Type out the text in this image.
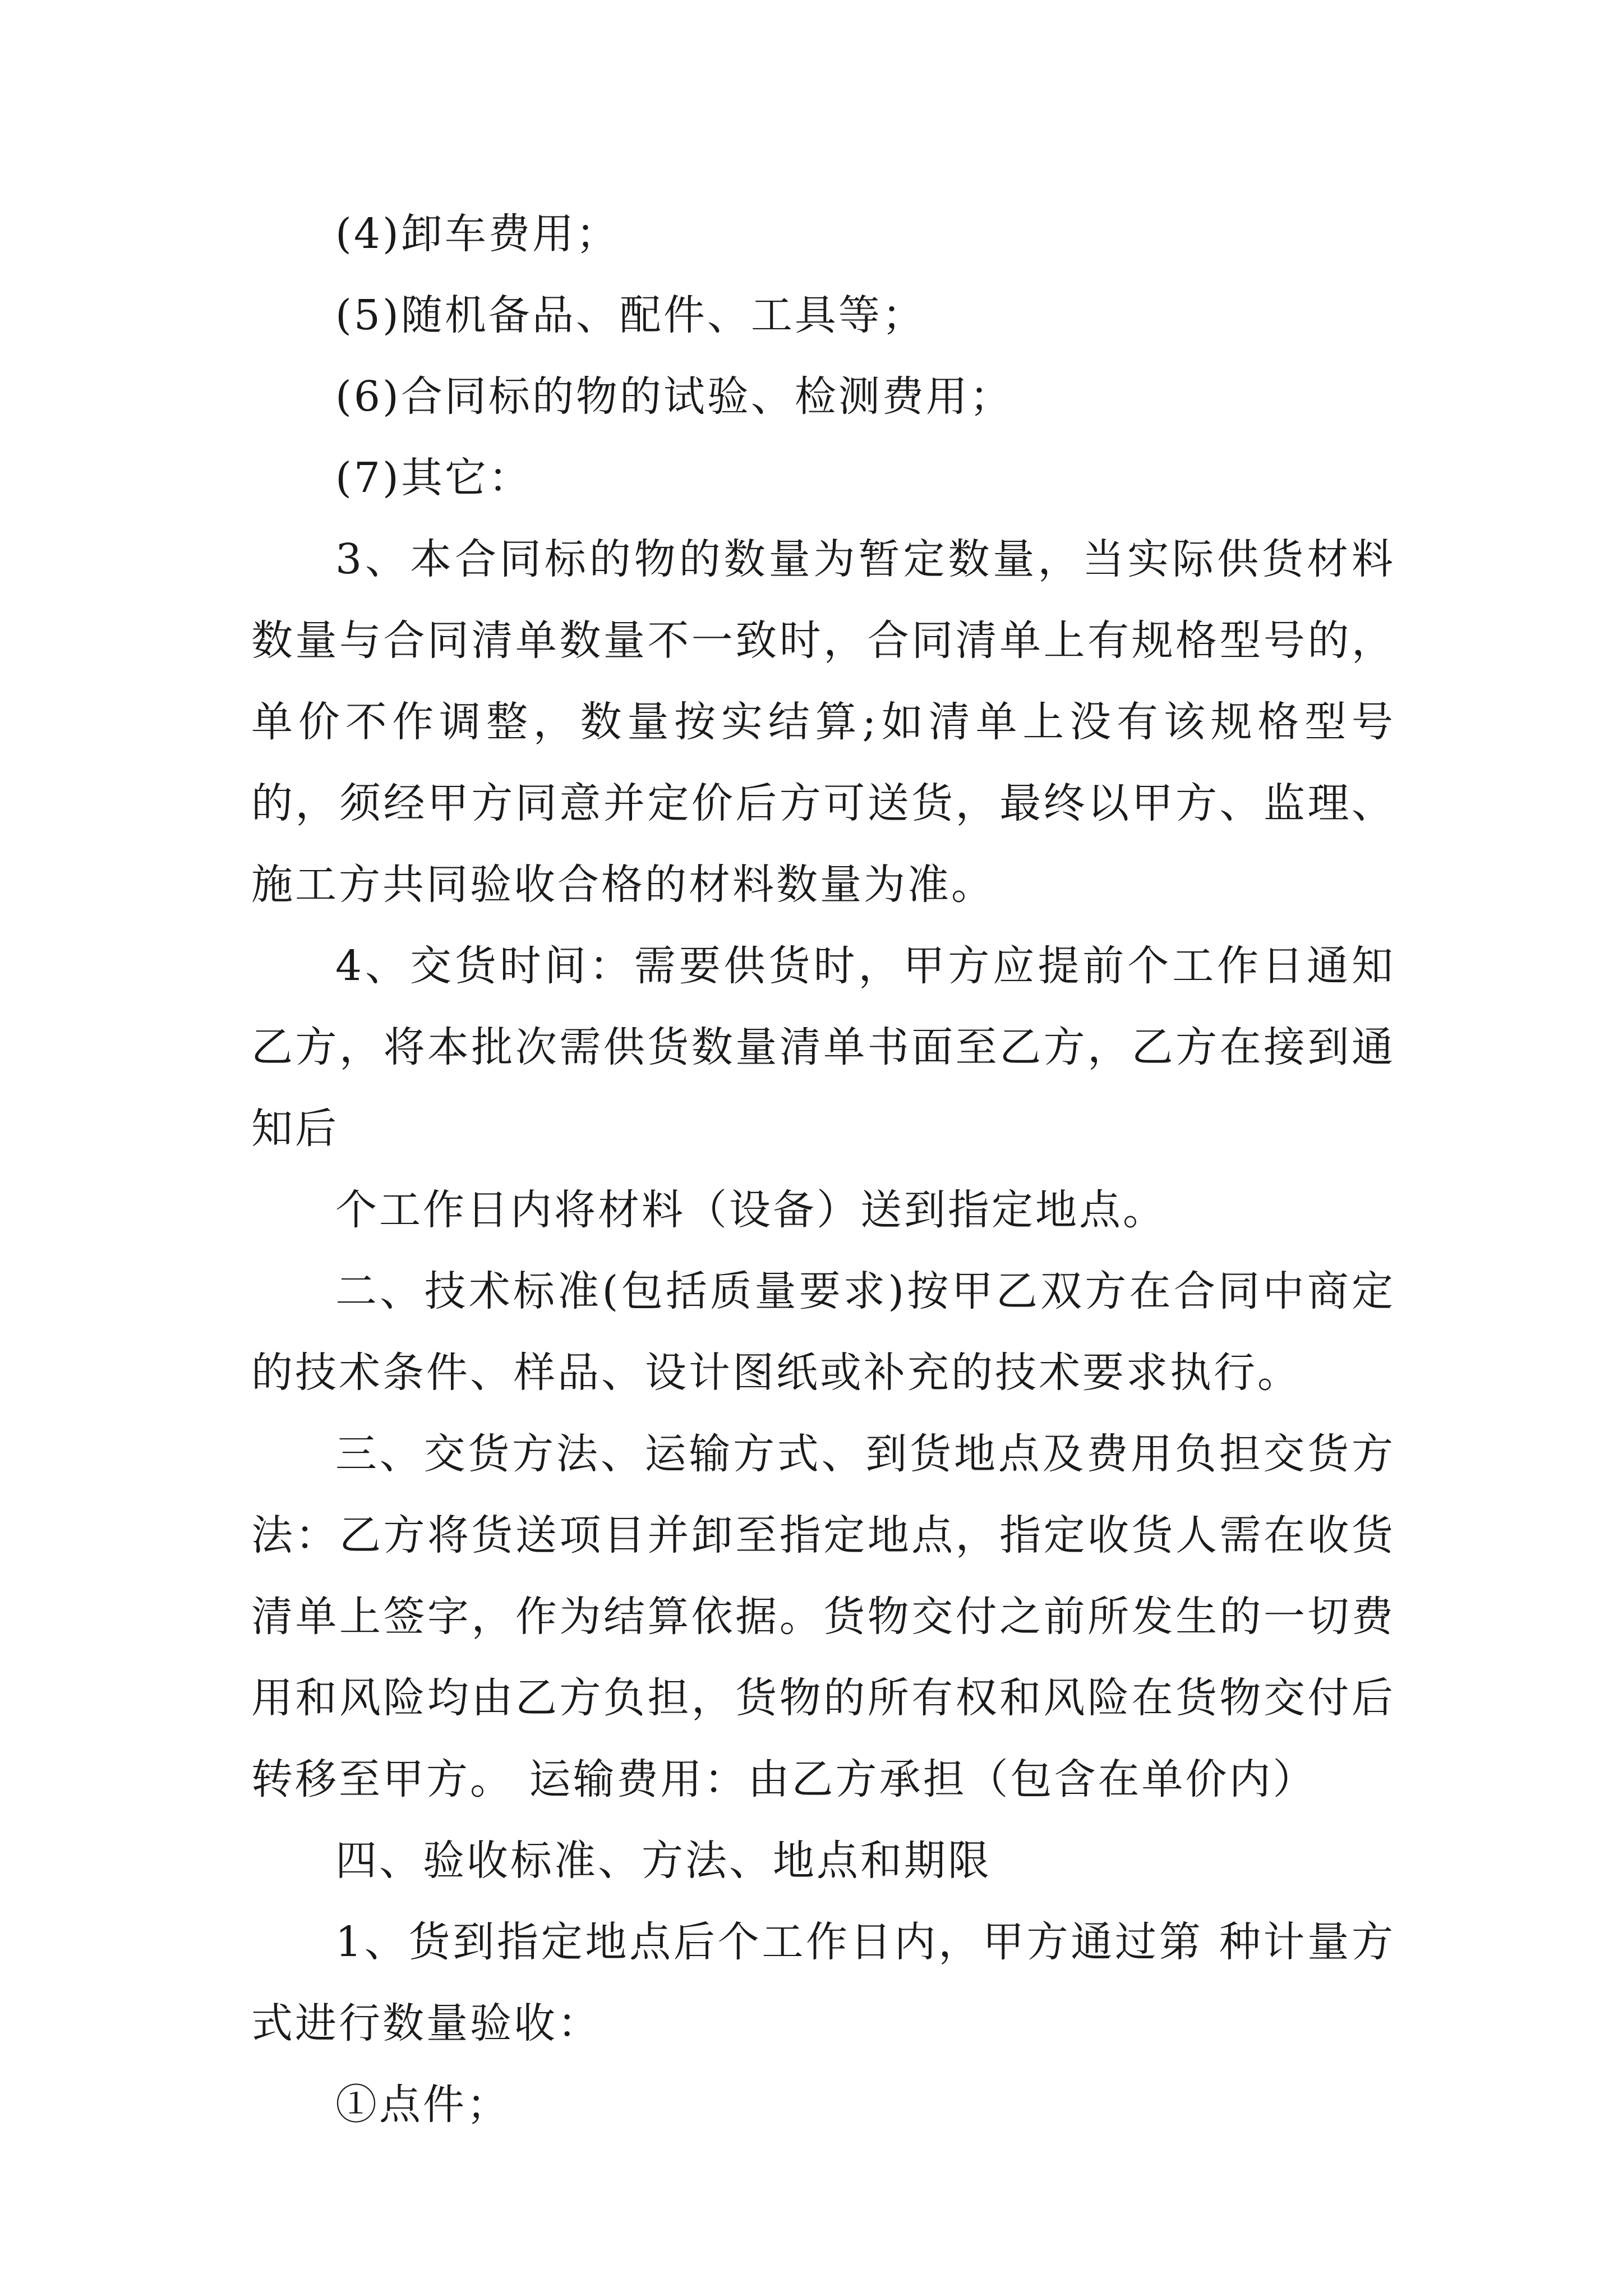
(4)卸车费用；

(5)随机备品、配件、工具等；

(6)合同标的物的试验、检测费用；

(7)其它：

3、本合同标的物的数量为暂定数量，当实际供货材料数量与合同清单数量不一致时，合同清单上有规格型号的，单价不作调整，数量按实结算;如清单上没有该规格型号的，须经甲方同意并定价后方可送货，最终以甲方、监理、施工方共同验收合格的材料数量为准。

4、交货时间：需要供货时，甲方应提前个工作日通知乙方，将本批次需供货数量清单书面至乙方，乙方在接到通知后

个工作日内将材料（设备）送到指定地点。

二、技术标准(包括质量要求)按甲乙双方在合同中商定的技术条件、样品、设计图纸或补充的技术要求执行。

三、交货方法、运输方式、到货地点及费用负担交货方法：乙方将货送项目并卸至指定地点，指定收货人需在收货清单上签字，作为结算依据。货物交付之前所发生的一切费用和风险均由乙方负担，货物的所有权和风险在货物交付后转移至甲方。 运输费用：由乙方承担（包含在单价内）

四、验收标准、方法、地点和期限

1、货到指定地点后个工作日内，甲方通过第 种计量方式进行数量验收：

①点件；
